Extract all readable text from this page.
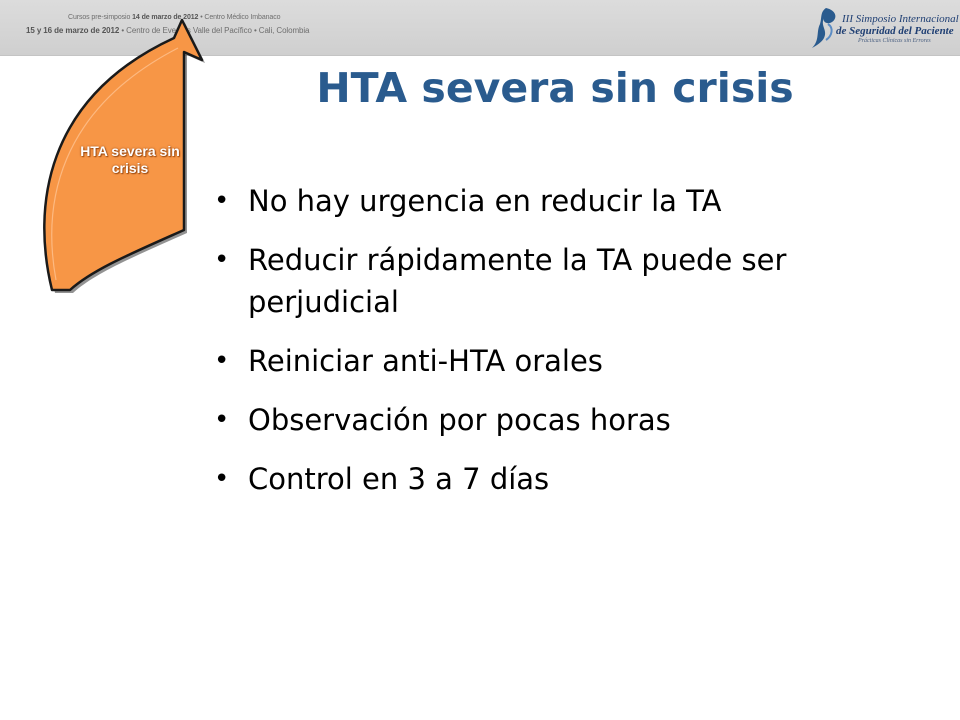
Cursos pre-simposio 14 de marzo de 2012 • Centro Médico Imbanaco
15 y 16 de marzo de 2012 • Centro de Eventos Valle del Pacífico • Cali, Colombia
III Simposio Internacional
de Seguridad del Paciente
Prácticas Clínicas sin Errores
HTA severa sin crisis
HTA severa sin crisis
• No hay urgencia en reducir la TA
• Reducir rápidamente la TA puede ser perjudicial
• Reiniciar anti-HTA orales
• Observación por pocas horas
• Control en 3 a 7 días
